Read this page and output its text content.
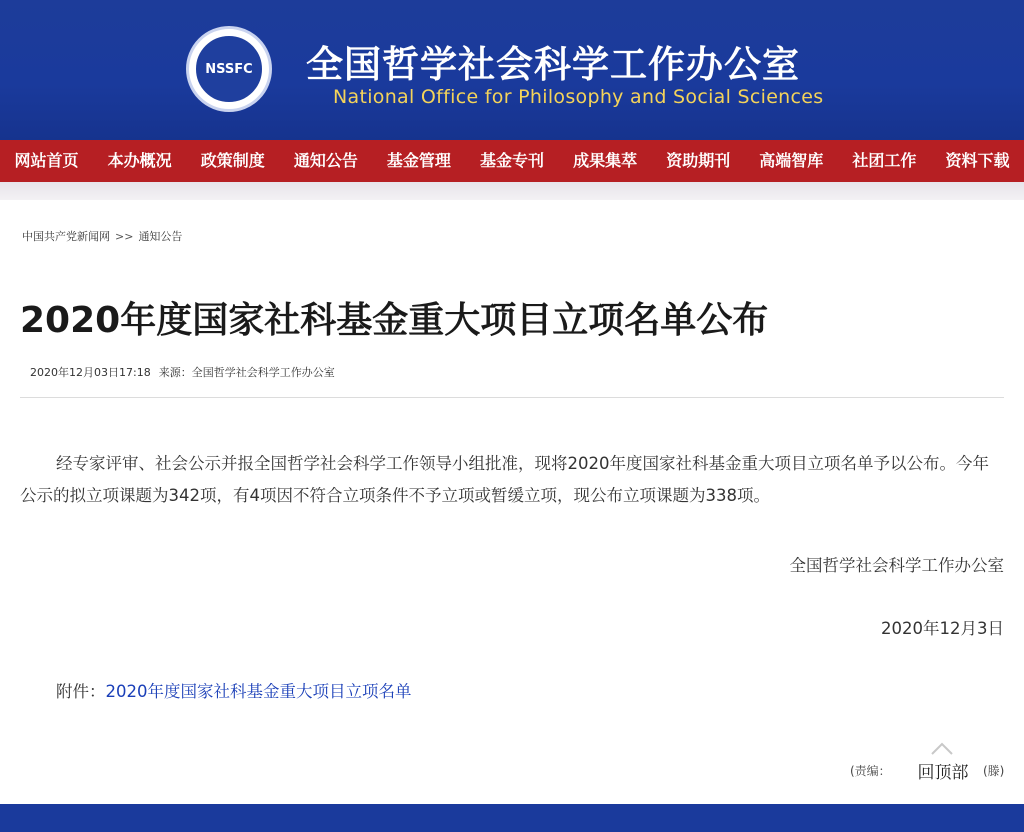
NSSFC 全国哲学社会科学工作办公室
National Office for Philosophy and Social Sciences
网站首页	本办概况	政策制度	通知公告	基金管理	基金专刊	成果集萃	资助期刊	高端智库	社团工作	资料下载
中国共产党新闻网 >> 通知公告
2020年度国家社科基金重大项目立项名单公布
2020年12月03日17:18 来源：全国哲学社会科学工作办公室

经专家评审、社会公示并报全国哲学社会科学工作领导小组批准，现将2020年度国家社科基金重大项目立项名单予以公布。今年公示的拟立项课题为342项，有4项因不符合立项条件不予立项或暂缓立项，现公布立项课题为338项。

全国哲学社会科学工作办公室
2020年12月3日
附件：2020年度国家社科基金重大项目立项名单
(责编：	(滕)
回顶部
